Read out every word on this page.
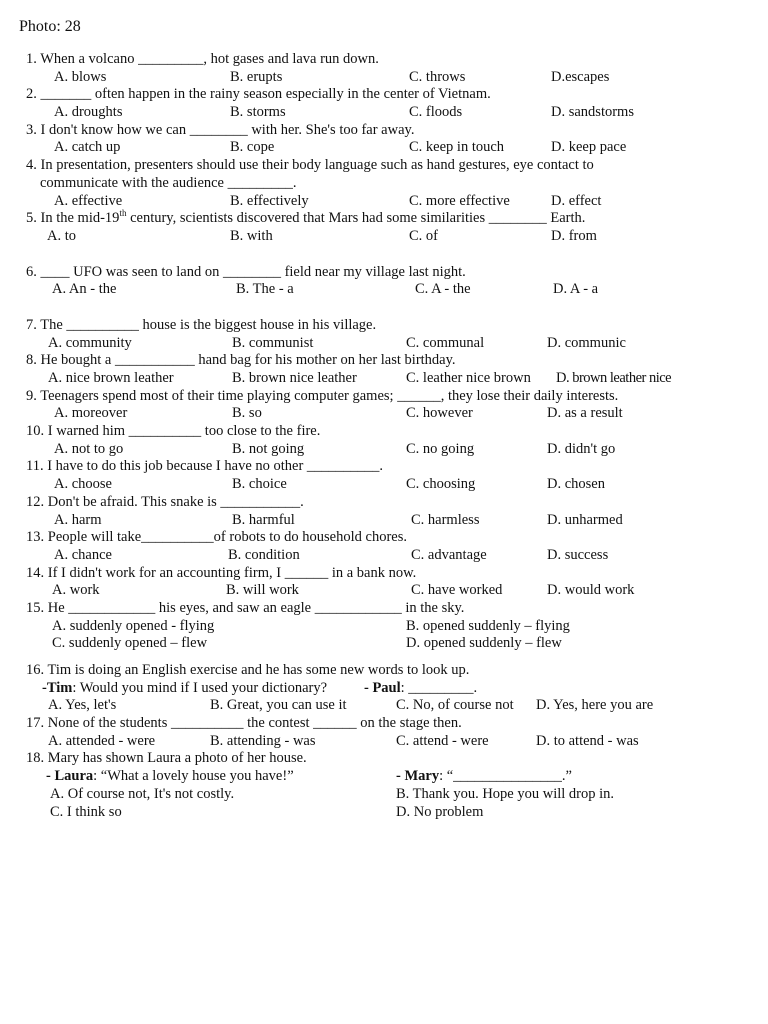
Photo: 28
1. When a volcano _________, hot gases and lava run down.
A. blows	B. erupts	C. throws	D.escapes
2. _______ often happen in the rainy season especially in the center of Vietnam.
A. droughts	B. storms	C. floods	D. sandstorms
3. I don't know how we can ________ with her. She's too far away.
A. catch up	B. cope	C. keep in touch	D. keep pace
4. In presentation, presenters should use their body language such as hand gestures, eye contact to
communicate with the audience _________.
A. effective	B. effectively	C. more effective	D. effect
5. In the mid-19th century, scientists discovered that Mars had some similarities ________ Earth.
A. to	B. with	C. of	D. from
6. ____ UFO was seen to land on ________ field near my village last night.
A. An - the	B. The - a	C. A - the	D. A - a
7. The __________ house is the biggest house in his village.
A. community	B. communist	C. communal	D. communic
8. He bought a ___________ hand bag for his mother on her last birthday.
A. nice brown leather	B. brown nice leather	C. leather nice brown D. brown leather nice
9. Teenagers spend most of their time playing computer games; ______, they lose their daily interests.
A. moreover	B. so	C. however	D. as a result
10. I warned him __________ too close to the fire.
A. not to go	B. not going	C. no going	D. didn't go
11. I have to do this job because I have no other __________.
A. choose	B. choice	C. choosing	D. chosen
12. Don't be afraid. This snake is ___________.
A. harm	B. harmful	C. harmless	D. unharmed
13. People will take__________of robots to do household chores.
A. chance	B. condition	C. advantage	D. success
14. If I didn't work for an accounting firm, I ______ in a bank now.
A. work	B. will work	C. have worked	D. would work
15. He ____________ his eyes, and saw an eagle ____________ in the sky.
A. suddenly opened - flying	B. opened suddenly – flying
C. suddenly opened – flew	D. opened suddenly – flew
16. Tim is doing an English exercise and he has some new words to look up.
-Tim: Would you mind if I used your dictionary?	- Paul: _________.
A. Yes, let's	B. Great, you can use it	C. No, of course not D. Yes, here you are
17. None of the students __________ the contest ______ on the stage then.
A. attended - were	B. attending - was	C. attend - were	D. to attend - was
18. Mary has shown Laura a photo of her house.
- Laura: “What a lovely house you have!”	- Mary: “_______________.”
A. Of course not, It's not costly.	B. Thank you. Hope you will drop in.
C. I think so	D. No problem
